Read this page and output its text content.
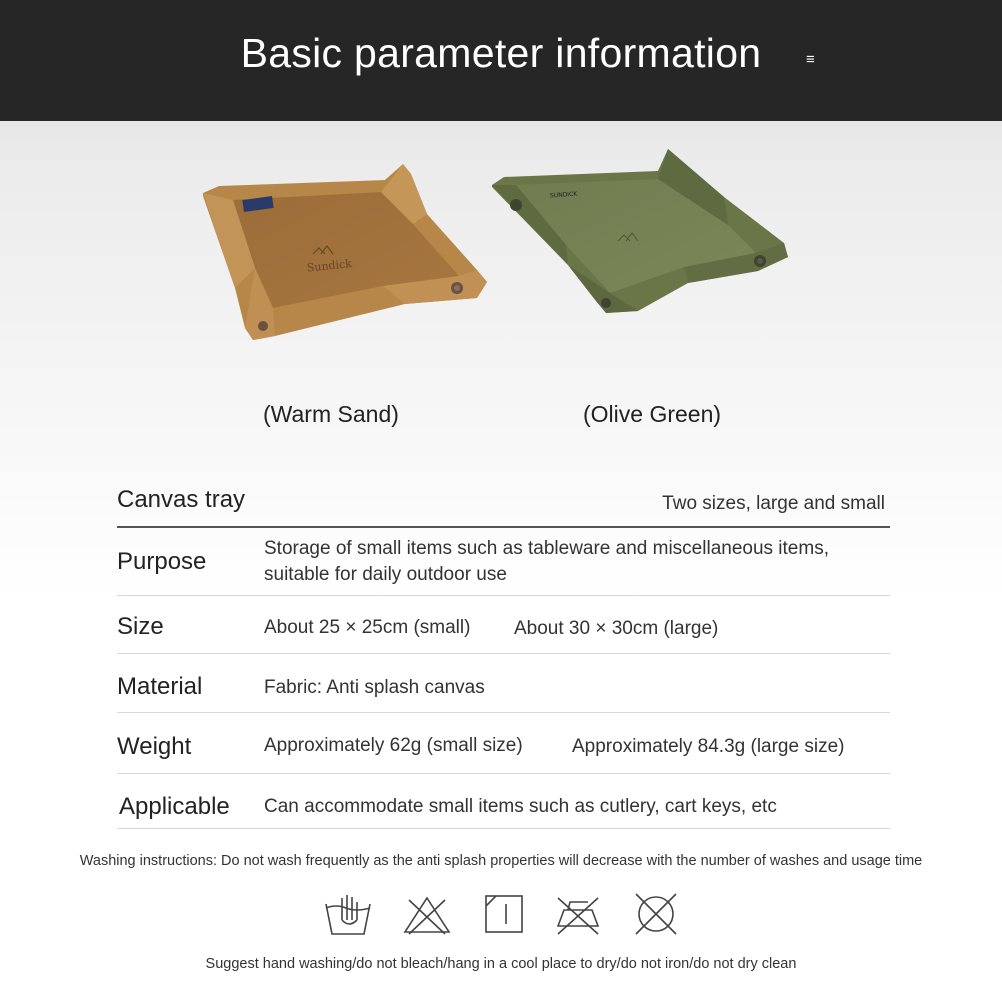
Basic parameter information	≡
Sundick
SUNDICK
(Warm Sand)	(Olive Green)
Canvas tray	Two sizes, large and small
Purpose	Storage of small items such as tableware and miscellaneous items,
suitable for daily outdoor use
Size	About 25 × 25cm (small) About 30 × 30cm (large)
Material	Fabric: Anti splash canvas
Weight	Approximately 62g (small size)	Approximately 84.3g (large size)
Applicable Can accommodate small items such as cutlery, cart keys, etc
Washing instructions: Do not wash frequently as the anti splash properties will decrease with the number of washes and usage time
Suggest hand washing/do not bleach/hang in a cool place to dry/do not iron/do not dry clean
